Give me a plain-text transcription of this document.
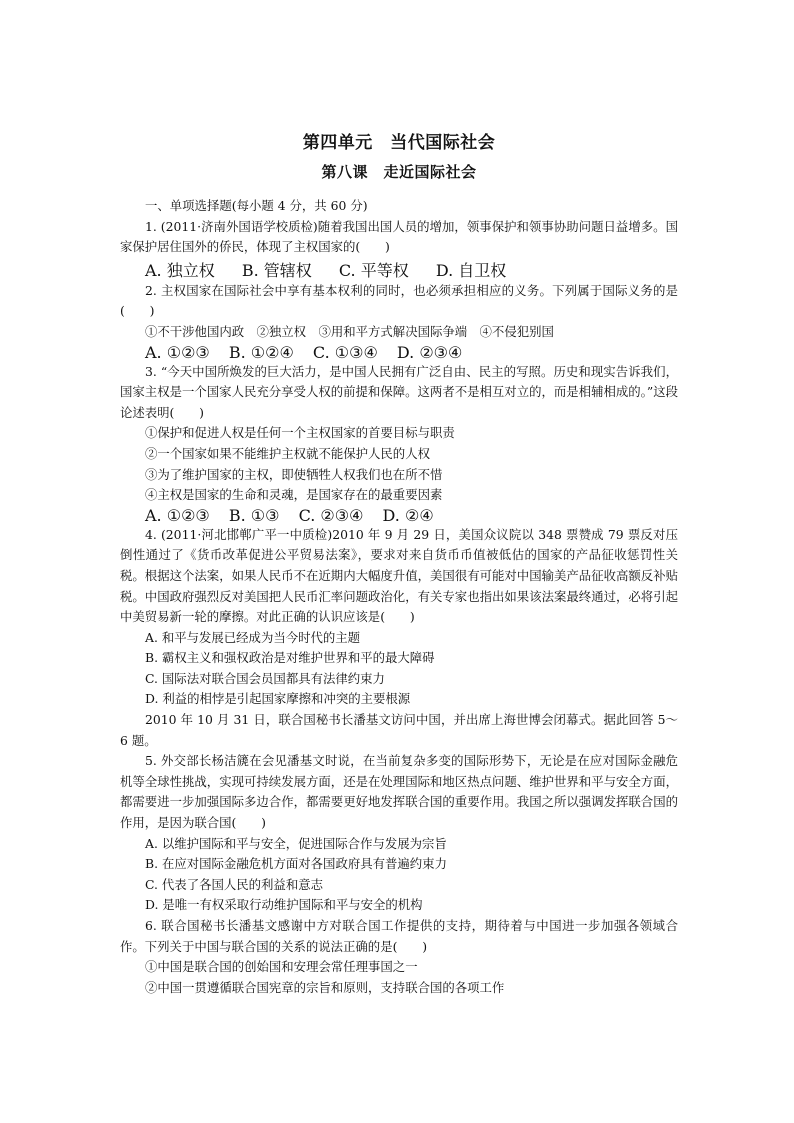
第四单元　当代国际社会
第八课　走近国际社会

一、单项选择题(每小题 4 分，共 60 分)

1. (2011·济南外国语学校质检)随着我国出国人员的增加，领事保护和领事协助问题日益增多。国家保护居住国外的侨民，体现了主权国家的(　　)

A. 独立权 B. 管辖权 C. 平等权 D. 自卫权

2. 主权国家在国际社会中享有基本权利的同时，也必须承担相应的义务。下列属于国际义务的是(　　)

①不干涉他国内政　②独立权　③用和平方式解决国际争端　④不侵犯别国

A. ①②③ B. ①②④ C. ①③④ D. ②③④

3. “今天中国所焕发的巨大活力，是中国人民拥有广泛自由、民主的写照。历史和现实告诉我们，国家主权是一个国家人民充分享受人权的前提和保障。这两者不是相互对立的，而是相辅相成的。”这段论述表明(　　)

①保护和促进人权是任何一个主权国家的首要目标与职责

②一个国家如果不能维护主权就不能保护人民的人权

③为了维护国家的主权，即使牺牲人权我们也在所不惜

④主权是国家的生命和灵魂，是国家存在的最重要因素

A. ①②③ B. ①③ C. ②③④ D. ②④

4. (2011·河北邯郸广平一中质检)2010 年 9 月 29 日，美国众议院以 348 票赞成 79 票反对压倒性通过了《货币改革促进公平贸易法案》，要求对来自货币币值被低估的国家的产品征收惩罚性关税。根据这个法案，如果人民币不在近期内大幅度升值，美国很有可能对中国输美产品征收高额反补贴税。中国政府强烈反对美国把人民币汇率问题政治化，有关专家也指出如果该法案最终通过，必将引起中美贸易新一轮的摩擦。对此正确的认识应该是(　　)

A. 和平与发展已经成为当今时代的主题

B. 霸权主义和强权政治是对维护世界和平的最大障碍

C. 国际法对联合国会员国都具有法律约束力

D. 利益的相悖是引起国家摩擦和冲突的主要根源

2010 年 10 月 31 日，联合国秘书长潘基文访问中国，并出席上海世博会闭幕式。据此回答 5～6 题。

5. 外交部长杨洁篪在会见潘基文时说，在当前复杂多变的国际形势下，无论是在应对国际金融危机等全球性挑战，实现可持续发展方面，还是在处理国际和地区热点问题、维护世界和平与安全方面，都需要进一步加强国际多边合作，都需要更好地发挥联合国的重要作用。我国之所以强调发挥联合国的作用，是因为联合国(　　)

A. 以维护国际和平与安全，促进国际合作与发展为宗旨

B. 在应对国际金融危机方面对各国政府具有普遍约束力

C. 代表了各国人民的利益和意志

D. 是唯一有权采取行动维护国际和平与安全的机构

6. 联合国秘书长潘基文感谢中方对联合国工作提供的支持，期待着与中国进一步加强各领域合作。下列关于中国与联合国的关系的说法正确的是(　　)

①中国是联合国的创始国和安理会常任理事国之一

②中国一贯遵循联合国宪章的宗旨和原则，支持联合国的各项工作
